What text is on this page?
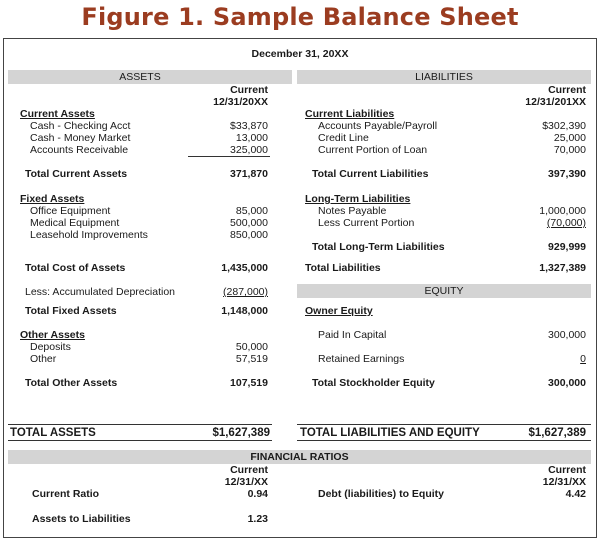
Figure 1. Sample Balance Sheet
December 31, 20XX
ASSETS	LIABILITIES
Current
12/31/20XX
Current
12/31/201XX
Current Assets
Cash - Checking Acct	$33,870
Cash - Money Market	13,000
Accounts Receivable	325,000
Total Current Assets	371,870
Fixed Assets
Office Equipment	85,000
Medical Equipment	500,000
Leasehold Improvements	850,000
Total Cost of Assets	1,435,000
Less: Accumulated Depreciation	(287,000)
Total Fixed Assets	1,148,000
Other Assets
Deposits	50,000
Other	57,519
Total Other Assets	107,519
Current Liabilities
Accounts Payable/Payroll	$302,390
Credit Line	25,000
Current Portion of Loan	70,000
Total Current Liabilities	397,390
Long-Term Liabilities
Notes Payable	1,000,000
Less Current Portion	(70,000)
Total Long-Term Liabilities	929,999
Total Liabilities	1,327,389
EQUITY
Owner Equity
Paid In Capital	300,000
Retained Earnings	0
Total Stockholder Equity	300,000
TOTAL ASSETS	$1,627,389	TOTAL LIABILITIES AND EQUITY	$1,627,389
FINANCIAL RATIOS
Current
12/31/XX
Current
12/31/XX
Current Ratio	0.94	Debt (liabilities) to Equity	4.42
Assets to Liabilities	1.23
